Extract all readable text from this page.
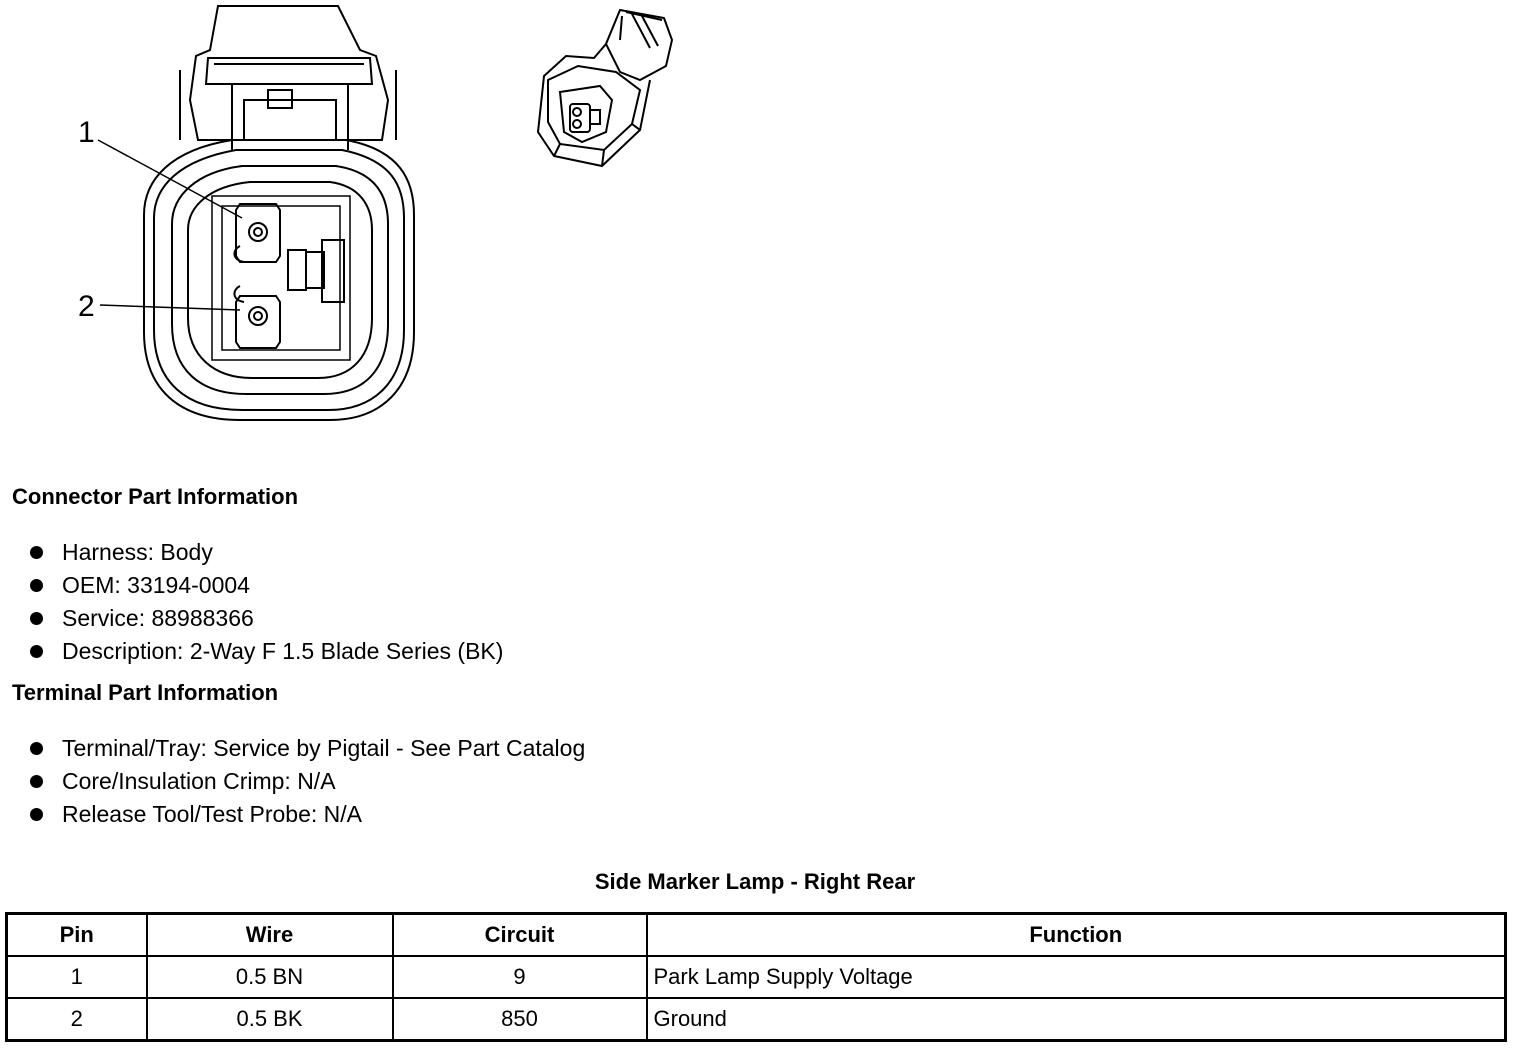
1
2
Connector Part Information
Harness: Body
OEM: 33194-0004
Service: 88988366
Description: 2-Way F 1.5 Blade Series (BK)
Terminal Part Information
Terminal/Tray: Service by Pigtail - See Part Catalog
Core/Insulation Crimp: N/A
Release Tool/Test Probe: N/A
Side Marker Lamp - Right Rear
Pin	Wire	Circuit	Function
1	0.5 BN	9	Park Lamp Supply Voltage
2	0.5 BK	850	Ground
